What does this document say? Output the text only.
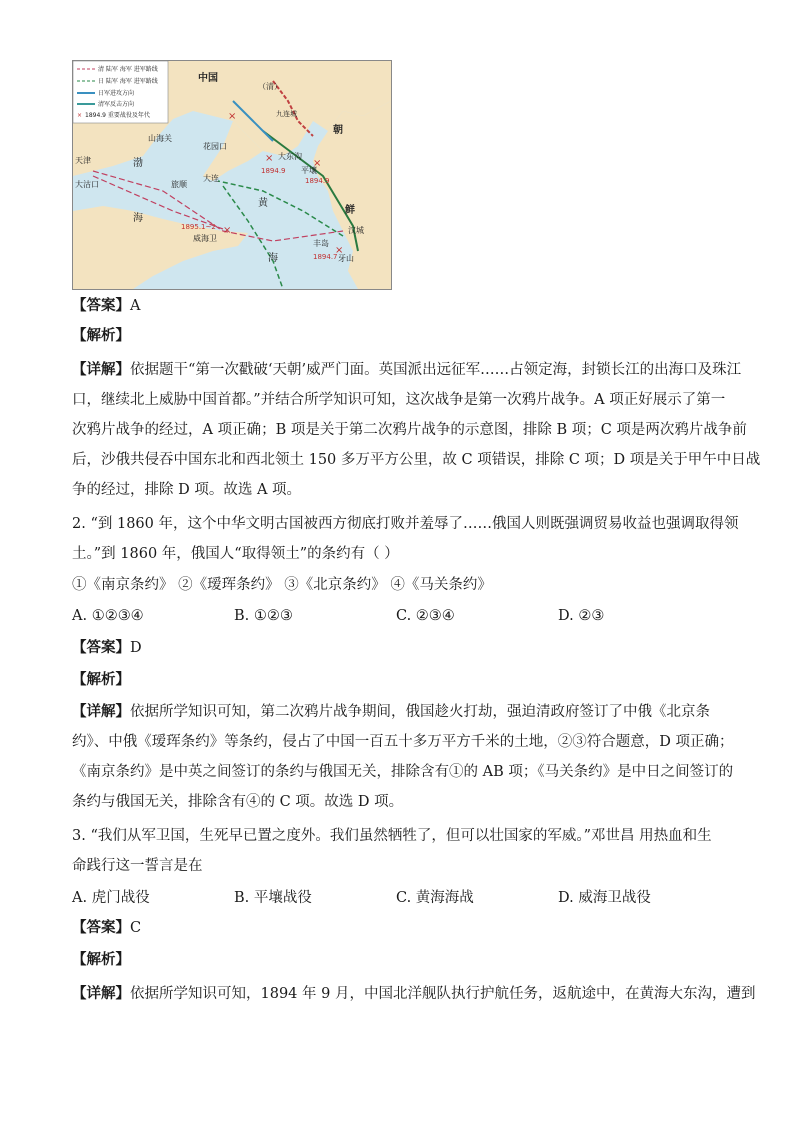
清 陆军 海军 进军路线
日 陆军 海军 进军路线
日军进攻方向
清军反击方向
× 1894.9 重要战役及年代
中国
（清）
朝
鲜
天津
大沽口
山海关
花园口
旅顺
大连
九连城
大东沟
1894.9 平壤
1894.9
汉城
丰岛
牙山
1894.7
威海卫
1895.1~2
渤
海
黄
海
×
×	×
×
×
【答案】A
【解析】
【详解】依据题干“第一次戳破‘天朝’威严门面。英国派出远征军……占领定海，封锁长江的出海口及珠江
口，继续北上威胁中国首都。”并结合所学知识可知，这次战争是第一次鸦片战争。A 项正好展示了第一
次鸦片战争的经过，A 项正确；B 项是关于第二次鸦片战争的示意图，排除 B 项；C 项是两次鸦片战争前
后，沙俄共侵吞中国东北和西北领土 150 多万平方公里，故 C 项错误，排除 C 项；D 项是关于甲午中日战
争的经过，排除 D 项。故选 A 项。
2. “到 1860 年，这个中华文明古国被西方彻底打败并羞辱了……俄国人则既强调贸易收益也强调取得领
土。”到 1860 年，俄国人“取得领土”的条约有（ ）
①《南京条约》 ②《瑷珲条约》 ③《北京条约》 ④《马关条约》
A. ①②③④	B. ①②③	C. ②③④	D. ②③
【答案】D
【解析】
【详解】依据所学知识可知，第二次鸦片战争期间，俄国趁火打劫，强迫清政府签订了中俄《北京条
约》、中俄《瑷珲条约》等条约，侵占了中国一百五十多万平方千米的土地，②③符合题意，D 项正确；
《南京条约》是中英之间签订的条约与俄国无关，排除含有①的 AB 项；《马关条约》是中日之间签订的
条约与俄国无关，排除含有④的 C 项。故选 D 项。
3. “我们从军卫国，生死早已置之度外。我们虽然牺牲了，但可以壮国家的军威。”邓世昌 用热血和生
命践行这一誓言是在
A. 虎门战役	B. 平壤战役	C. 黄海海战	D. 威海卫战役
【答案】C
【解析】
【详解】依据所学知识可知，1894 年 9 月，中国北洋舰队执行护航任务，返航途中，在黄海大东沟，遭到
